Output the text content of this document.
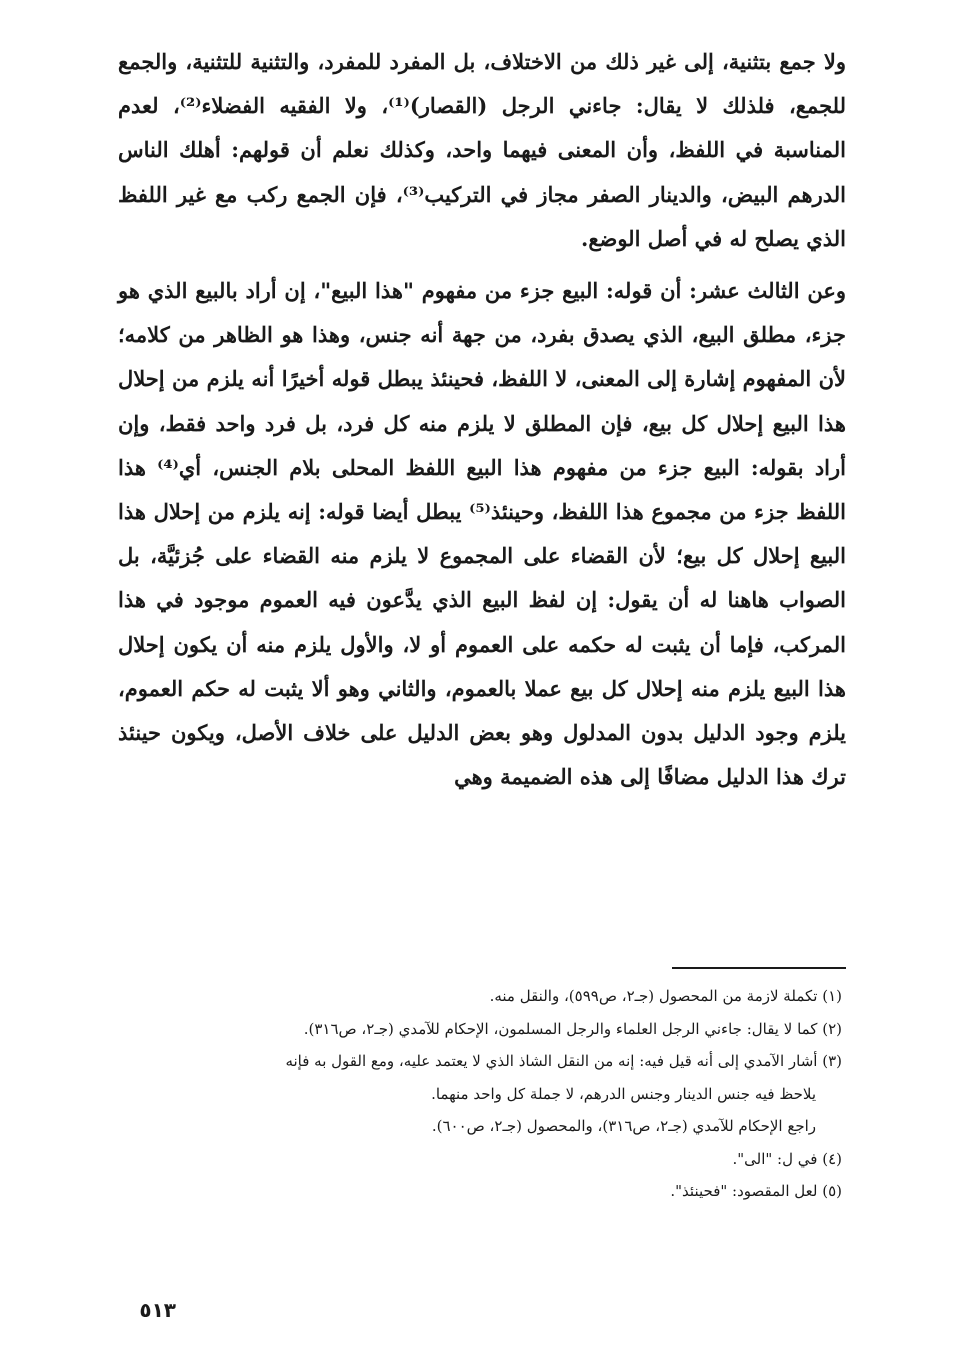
ولا جمع بتثنية، إلى غير ذلك من الاختلاف، بل المفرد للمفرد، والتثنية للتثنية، والجمع للجمع، فلذلك لا يقال: جاءني الرجل (القصار)⁽¹⁾، ولا الفقيه الفضلاء⁽²⁾، لعدم المناسبة في اللفظ، وأن المعنى فيهما واحد، وكذلك نعلم أن قولهم: أهلك الناس الدرهم البيض، والدينار الصفر مجاز في التركيب⁽³⁾، فإن الجمع ركب مع غير اللفظ الذي يصلح له في أصل الوضع.

وعن الثالث عشر: أن قوله: البيع جزء من مفهوم "هذا البيع"، إن أراد بالبيع الذي هو جزء، مطلق البيع، الذي يصدق بفرد، من جهة أنه جنس، وهذا هو الظاهر من كلامه؛ لأن المفهوم إشارة إلى المعنى، لا اللفظ، فحينئذ يبطل قوله أخيرًا أنه يلزم من إحلال هذا البيع إحلال كل بيع، فإن المطلق لا يلزم منه كل فرد، بل فرد واحد فقط، وإن أراد بقوله: البيع جزء من مفهوم هذا البيع اللفظ المحلى بلام الجنس، أي⁽⁴⁾ هذا اللفظ جزء من مجموع هذا اللفظ، وحينئذ⁽⁵⁾ يبطل أيضا قوله: إنه يلزم من إحلال هذا البيع إحلال كل بيع؛ لأن القضاء على المجموع لا يلزم منه القضاء على جُزئيَّة، بل الصواب هاهنا له أن يقول: إن لفظ البيع الذي يدَّعون فيه العموم موجود في هذا المركب، فإما أن يثبت له حكمه على العموم أو لا، والأول يلزم منه أن يكون إحلال هذا البيع يلزم منه إحلال كل بيع عملا بالعموم، والثاني وهو ألا يثبت له حكم العموم، يلزم وجود الدليل بدون المدلول وهو بعض الدليل على خلاف الأصل، ويكون حينئذ ترك هذا الدليل مضافًا إلى هذه الضميمة وهي

(١) تكملة لازمة من المحصول (جـ٢، ص٥٩٩)، والنقل منه.

(٢) كما لا يقال: جاءني الرجل العلماء والرجل المسلمون، الإحكام للآمدي (جـ٢، ص٣١٦).

(٣) أشار الآمدي إلى أنه قيل فيه: إنه من النقل الشاذ الذي لا يعتمد عليه، ومع القول به فإنه

يلاحظ فيه جنس الدينار وجنس الدرهم، لا جملة كل واحد منهما.

راجع الإحكام للآمدي (جـ٢، ص٣١٦)، والمحصول (جـ٢، ص٦٠٠).

(٤) في ل: "الى".

(٥) لعل المقصود: "فحينئذ".

٥١٣
